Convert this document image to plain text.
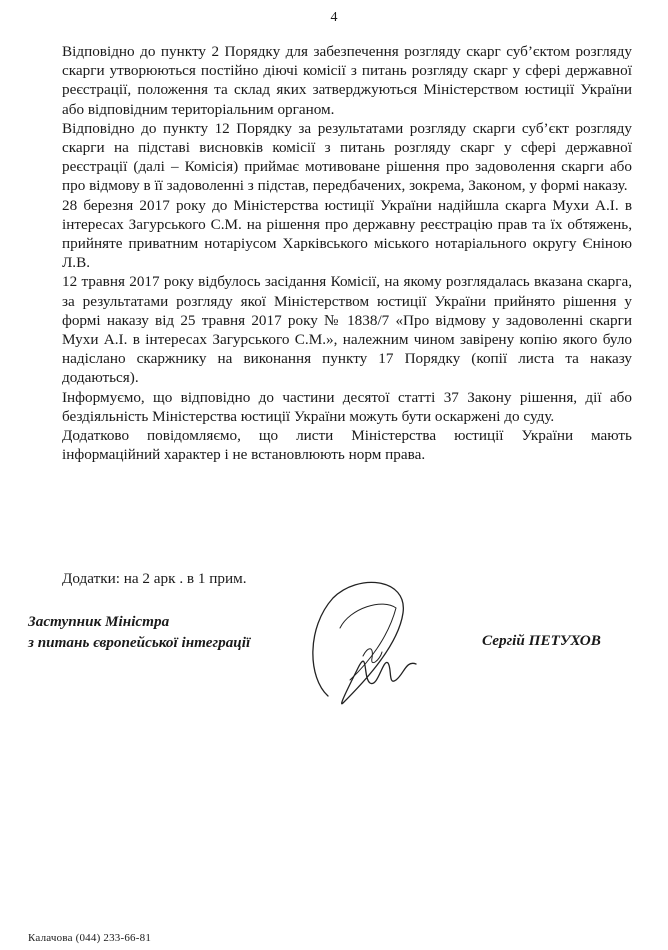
4

Відповідно до пункту 2 Порядку для забезпечення розгляду скарг суб’єктом розгляду скарги утворюються постійно діючі комісії з питань розгляду скарг у сфері державної реєстрації, положення та склад яких затверджуються Міністерством юстиції України або відповідним територіальним органом.

Відповідно до пункту 12 Порядку за результатами розгляду скарги суб’єкт розгляду скарги на підставі висновків комісії з питань розгляду скарг у сфері державної реєстрації (далі – Комісія) приймає мотивоване рішення про задоволення скарги або про відмову в її задоволенні з підстав, передбачених, зокрема, Законом, у формі наказу.

28 березня 2017 року до Міністерства юстиції України надійшла скарга Мухи А.І. в інтересах Загурського С.М. на рішення про державну реєстрацію прав та їх обтяжень, прийняте приватним нотаріусом Харківського міського нотаріального округу Єніною Л.В.

12 травня 2017 року відбулось засідання Комісії, на якому розглядалась вказана скарга, за результатами розгляду якої Міністерством юстиції України прийнято рішення у формі наказу від 25 травня 2017 року № 1838/7 «Про відмову у задоволенні скарги Мухи А.І. в інтересах Загурського С.М.», належним чином завірену копію якого було надіслано скаржнику на виконання пункту 17 Порядку (копії листа та наказу додаються).

Інформуємо, що відповідно до частини десятої статті 37 Закону рішення, дії або бездіяльність Міністерства юстиції України можуть бути оскаржені до суду.

Додатково повідомляємо, що листи Міністерства юстиції України мають інформаційний характер і не встановлюють норм права.

Додатки: на 2 арк . в 1 прим.
Заступник Міністра
з питань європейської інтеграції	Сергій ПЕТУХОВ
Калачова (044) 233-66-81
